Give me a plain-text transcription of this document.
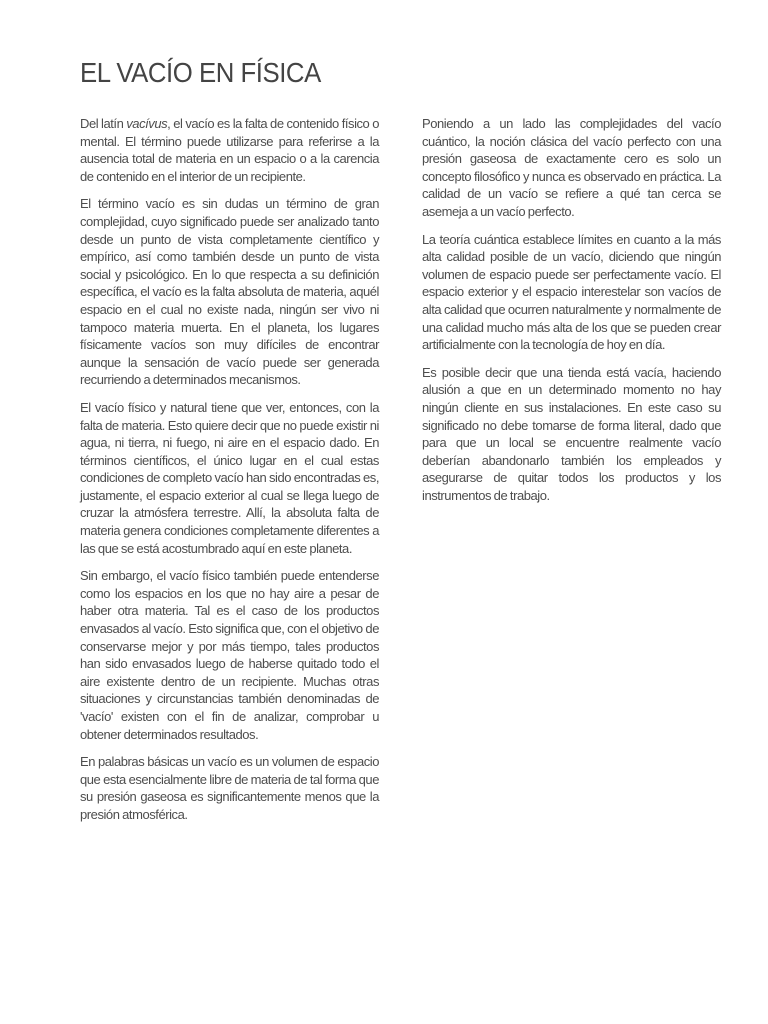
EL VACÍO EN FÍSICA

Del latín vacívus, el vacío es la falta de contenido físico o mental. El término puede utilizarse para referirse a la ausencia total de materia en un espacio o a la carencia de contenido en el interior de un recipiente.

El término vacío es sin dudas un término de gran complejidad, cuyo significado puede ser analizado tanto desde un punto de vista completamente científico y empírico, así como también desde un punto de vista social y psicológico. En lo que respecta a su definición específica, el vacío es la falta absoluta de materia, aquél espacio en el cual no existe nada, ningún ser vivo ni tampoco materia muerta. En el planeta, los lugares físicamente vacíos son muy difíciles de encontrar aunque la sensación de vacío puede ser generada recurriendo a determinados mecanismos.

El vacío físico y natural tiene que ver, entonces, con la falta de materia. Esto quiere decir que no puede existir ni agua, ni tierra, ni fuego, ni aire en el espacio dado. En términos científicos, el único lugar en el cual estas condiciones de completo vacío han sido encontradas es, justamente, el espacio exterior al cual se llega luego de cruzar la atmósfera terrestre. Allí, la absoluta falta de materia genera condiciones completamente diferentes a las que se está acostumbrado aquí en este planeta.

Sin embargo, el vacío físico también puede entenderse como los espacios en los que no hay aire a pesar de haber otra materia. Tal es el caso de los productos envasados al vacío. Esto significa que, con el objetivo de conservarse mejor y por más tiempo, tales productos han sido envasados luego de haberse quitado todo el aire existente dentro de un recipiente. Muchas otras situaciones y circunstancias también denominadas de 'vacío' existen con el fin de analizar, comprobar u obtener determinados resultados.

En palabras básicas un vacío es un volumen de espacio que esta esencialmente libre de materia de tal forma que su presión gaseosa es significantemente menos que la presión atmosférica.

Poniendo a un lado las complejidades del vacío cuántico, la noción clásica del vacío perfecto con una presión gaseosa de exactamente cero es solo un concepto filosófico y nunca es observado en práctica. La calidad de un vacío se refiere a qué tan cerca se asemeja a un vacío perfecto.

La teoría cuántica establece límites en cuanto a la más alta calidad posible de un vacío, diciendo que ningún volumen de espacio puede ser perfectamente vacío. El espacio exterior y el espacio interestelar son vacíos de alta calidad que ocurren naturalmente y normalmente de una calidad mucho más alta de los que se pueden crear artificialmente con la tecnología de hoy en día.

Es posible decir que una tienda está vacía, haciendo alusión a que en un determinado momento no hay ningún cliente en sus instalaciones. En este caso su significado no debe tomarse de forma literal, dado que para que un local se encuentre realmente vacío deberían abandonarlo también los empleados y asegurarse de quitar todos los productos y los instrumentos de trabajo.
